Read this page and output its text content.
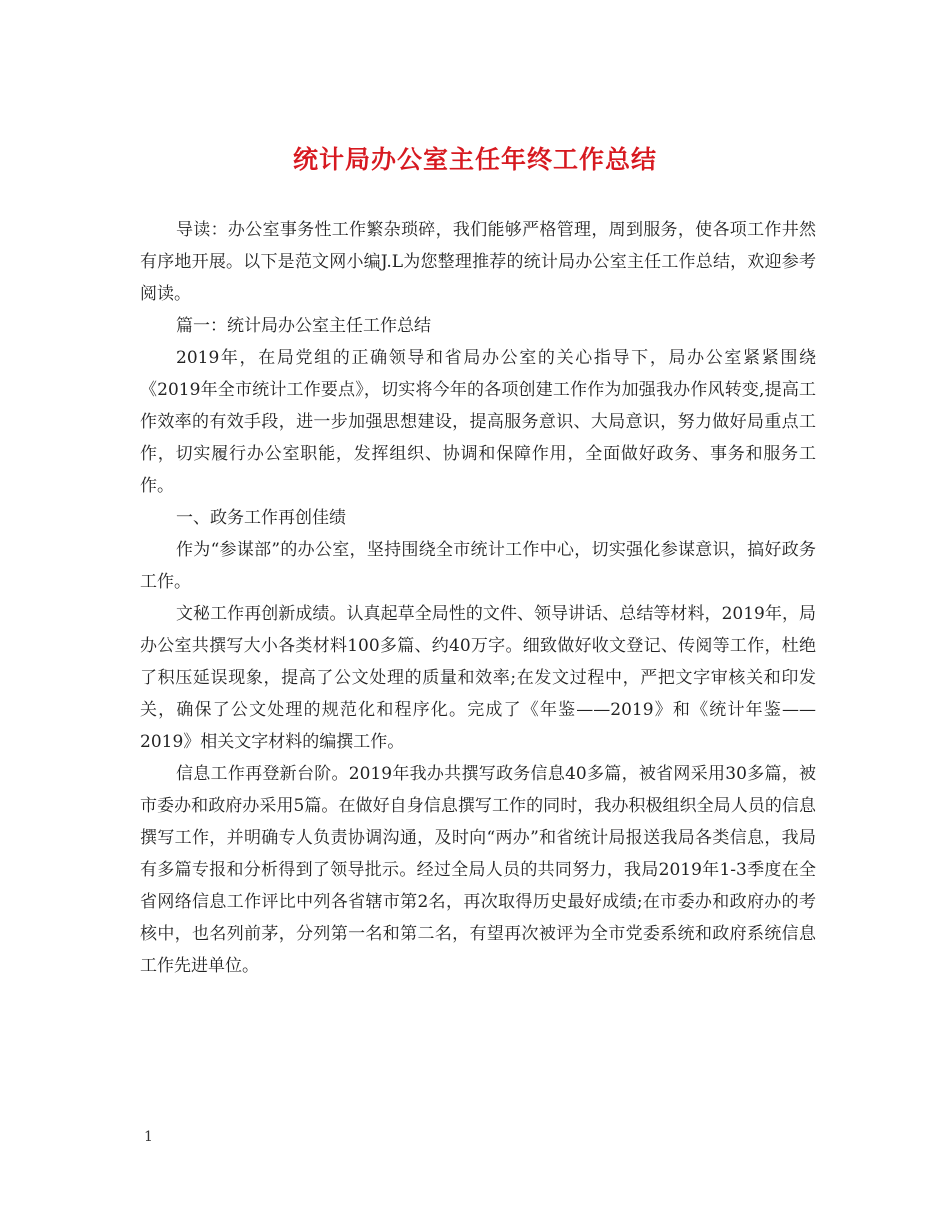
统计局办公室主任年终工作总结

导读：办公室事务性工作繁杂琐碎，我们能够严格管理，周到服务，使各项工作井然有序地开展。以下是范文网小编J.L为您整理推荐的统计局办公室主任工作总结，欢迎参考阅读。

篇一：统计局办公室主任工作总结

2019年，在局党组的正确领导和省局办公室的关心指导下，局办公室紧紧围绕《2019年全市统计工作要点》，切实将今年的各项创建工作作为加强我办作风转变,提高工作效率的有效手段，进一步加强思想建设，提高服务意识、大局意识，努力做好局重点工作，切实履行办公室职能，发挥组织、协调和保障作用，全面做好政务、事务和服务工作。

一、政务工作再创佳绩

作为“参谋部”的办公室，坚持围绕全市统计工作中心，切实强化参谋意识，搞好政务工作。

文秘工作再创新成绩。认真起草全局性的文件、领导讲话、总结等材料，2019年，局办公室共撰写大小各类材料100多篇、约40万字。细致做好收文登记、传阅等工作，杜绝了积压延误现象，提高了公文处理的质量和效率;在发文过程中，严把文字审核关和印发关，确保了公文处理的规范化和程序化。完成了《年鉴——2019》和《统计年鉴——2019》相关文字材料的编撰工作。

信息工作再登新台阶。2019年我办共撰写政务信息40多篇，被省网采用30多篇，被市委办和政府办采用5篇。在做好自身信息撰写工作的同时，我办积极组织全局人员的信息撰写工作，并明确专人负责协调沟通，及时向“两办”和省统计局报送我局各类信息，我局有多篇专报和分析得到了领导批示。经过全局人员的共同努力，我局2019年1-3季度在全省网络信息工作评比中列各省辖市第2名，再次取得历史最好成绩;在市委办和政府办的考核中，也名列前茅，分列第一名和第二名，有望再次被评为全市党委系统和政府系统信息工作先进单位。

1
